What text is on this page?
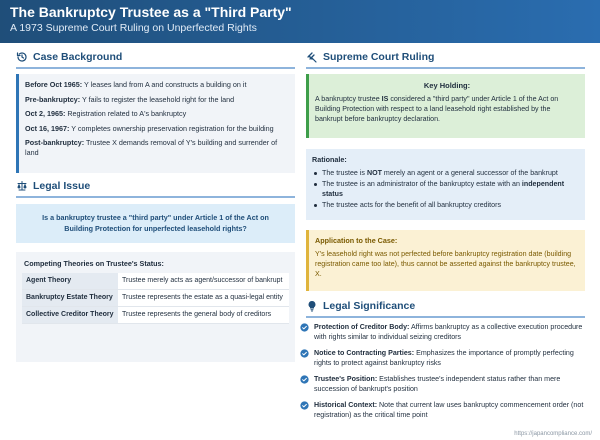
The Bankruptcy Trustee as a "Third Party"
A 1973 Supreme Court Ruling on Unperfected Rights
Case Background

Before Oct 1965: Y leases land from A and constructs a building on it

Pre-bankruptcy: Y fails to register the leasehold right for the land

Oct 2, 1965: Registration related to A's bankruptcy

Oct 16, 1967: Y completes ownership preservation registration for the building

Post-bankruptcy: Trustee X demands removal of Y's building and surrender of land

Legal Issue
Is a bankruptcy trustee a "third party" under Article 1 of the Act on Building Protection for unperfected leasehold rights?
Competing Theories on Trustee's Status:
Agent Theory	Trustee merely acts as agent/successor of bankrupt
Bankruptcy Estate Theory	Trustee represents the estate as a quasi-legal entity
Collective Creditor Theory	Trustee represents the general body of creditors
Supreme Court Ruling
Key Holding:
A bankruptcy trustee IS considered a "third party" under Article 1 of the Act on Building Protection with respect to a land leasehold right established by the bankrupt before bankruptcy declaration.
Rationale:
The trustee is NOT merely an agent or a general successor of the bankrupt
The trustee is an administrator of the bankruptcy estate with an independent status
The trustee acts for the benefit of all bankruptcy creditors
Application to the Case:
Y's leasehold right was not perfected before bankruptcy registration date (building registration came too late), thus cannot be asserted against the bankruptcy trustee, X.
Legal Significance
Protection of Creditor Body: Affirms bankruptcy as a collective execution procedure with rights similar to individual seizing creditors
Notice to Contracting Parties: Emphasizes the importance of promptly perfecting rights to protect against bankruptcy risks
Trustee's Position: Establishes trustee's independent status rather than mere succession of bankrupt's position
Historical Context: Note that current law uses bankruptcy commencement order (not registration) as the critical time point
https://japancompliance.com/
